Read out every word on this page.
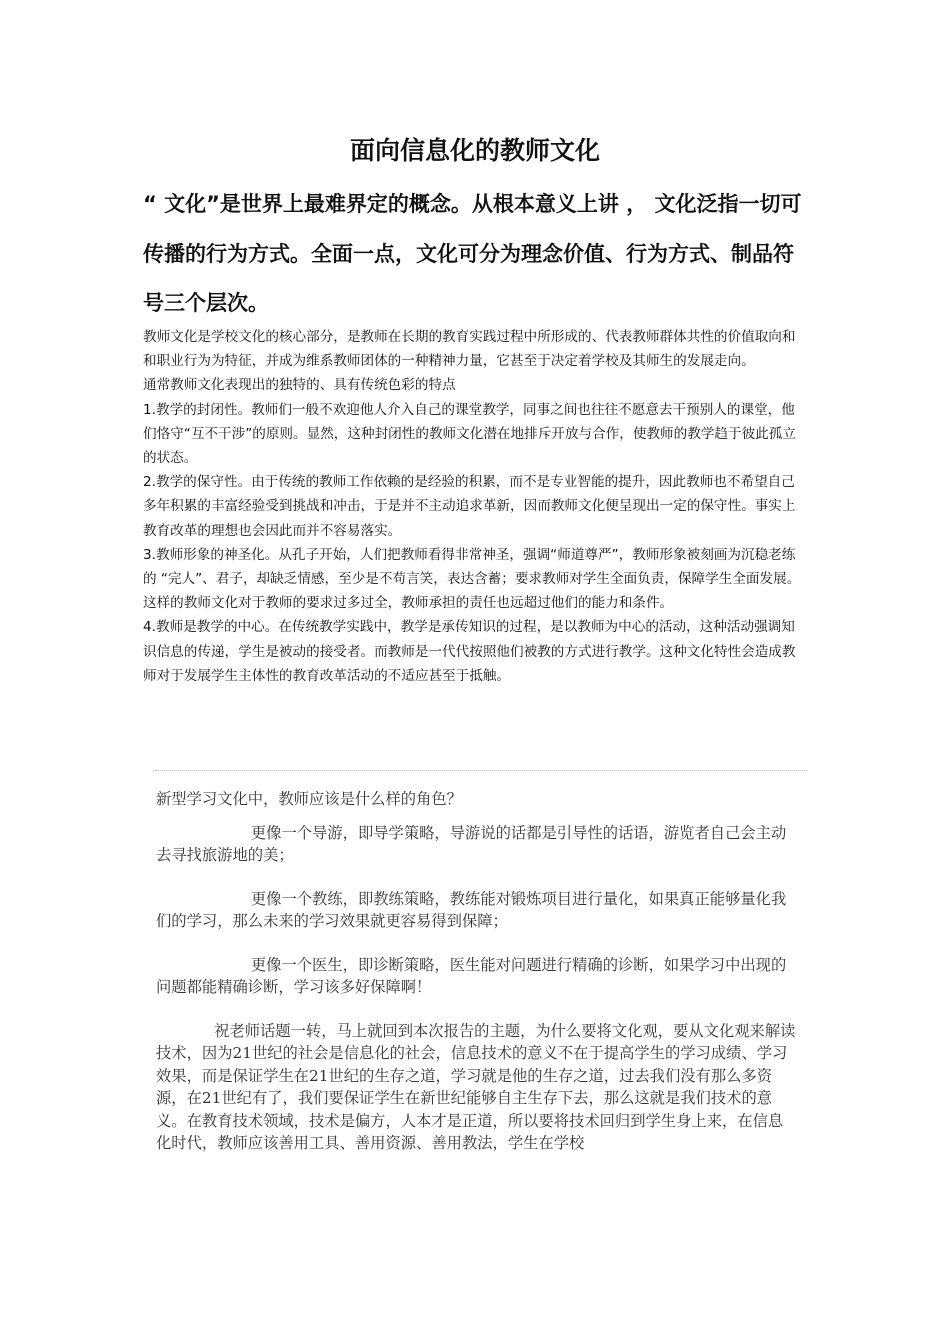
面向信息化的教师文化

“ 文化”是世界上最难界定的概念。从根本意义上讲 ， 文化泛指一切可传播的行为方式。全面一点，文化可分为理念价值、行为方式、制品符号三个层次。

教师文化是学校文化的核心部分，是教师在长期的教育实践过程中所形成的、代表教师群体共性的价值取向和和职业行为为特征，并成为维系教师团体的一种精神力量，它甚至于决定着学校及其师生的发展走向。

通常教师文化表现出的独特的、具有传统色彩的特点

1.教学的封闭性。教师们一般不欢迎他人介入自己的课堂教学，同事之间也往往不愿意去干预别人的课堂，他们恪守“互不干涉”的原则。显然，这种封闭性的教师文化潜在地排斥开放与合作，使教师的教学趋于彼此孤立的状态。

2.教学的保守性。由于传统的教师工作依赖的是经验的积累，而不是专业智能的提升，因此教师也不希望自己多年积累的丰富经验受到挑战和冲击，于是并不主动追求革新，因而教师文化便呈现出一定的保守性。事实上教育改革的理想也会因此而并不容易落实。

3.教师形象的神圣化。从孔子开始，人们把教师看得非常神圣，强调“师道尊严”，教师形象被刻画为沉稳老练的 “完人”、君子，却缺乏情感，至少是不苟言笑，表达含蓄；要求教师对学生全面负责，保障学生全面发展。这样的教师文化对于教师的要求过多过全，教师承担的责任也远超过他们的能力和条件。

4.教师是教学的中心。在传统教学实践中，教学是承传知识的过程，是以教师为中心的活动，这种活动强调知识信息的传递，学生是被动的接受者。而教师是一代代按照他们被教的方式进行教学。这种文化特性会造成教师对于发展学生主体性的教育改革活动的不适应甚至于抵触。

新型学习文化中，教师应该是什么样的角色？

更像一个导游，即导学策略，导游说的话都是引导性的话语，游览者自己会主动去寻找旅游地的美；

更像一个教练，即教练策略，教练能对锻炼项目进行量化，如果真正能够量化我们的学习，那么未来的学习效果就更容易得到保障；

更像一个医生，即诊断策略，医生能对问题进行精确的诊断，如果学习中出现的问题都能精确诊断，学习该多好保障啊！

祝老师话题一转，马上就回到本次报告的主题，为什么要将文化观，要从文化观来解读技术，因为21世纪的社会是信息化的社会，信息技术的意义不在于提高学生的学习成绩、学习效果，而是保证学生在21世纪的生存之道，学习就是他的生存之道，过去我们没有那么多资源，在21世纪有了，我们要保证学生在新世纪能够自主生存下去，那么这就是我们技术的意义。在教育技术领域，技术是偏方，人本才是正道，所以要将技术回归到学生身上来，在信息化时代，教师应该善用工具、善用资源、善用教法，学生在学校
